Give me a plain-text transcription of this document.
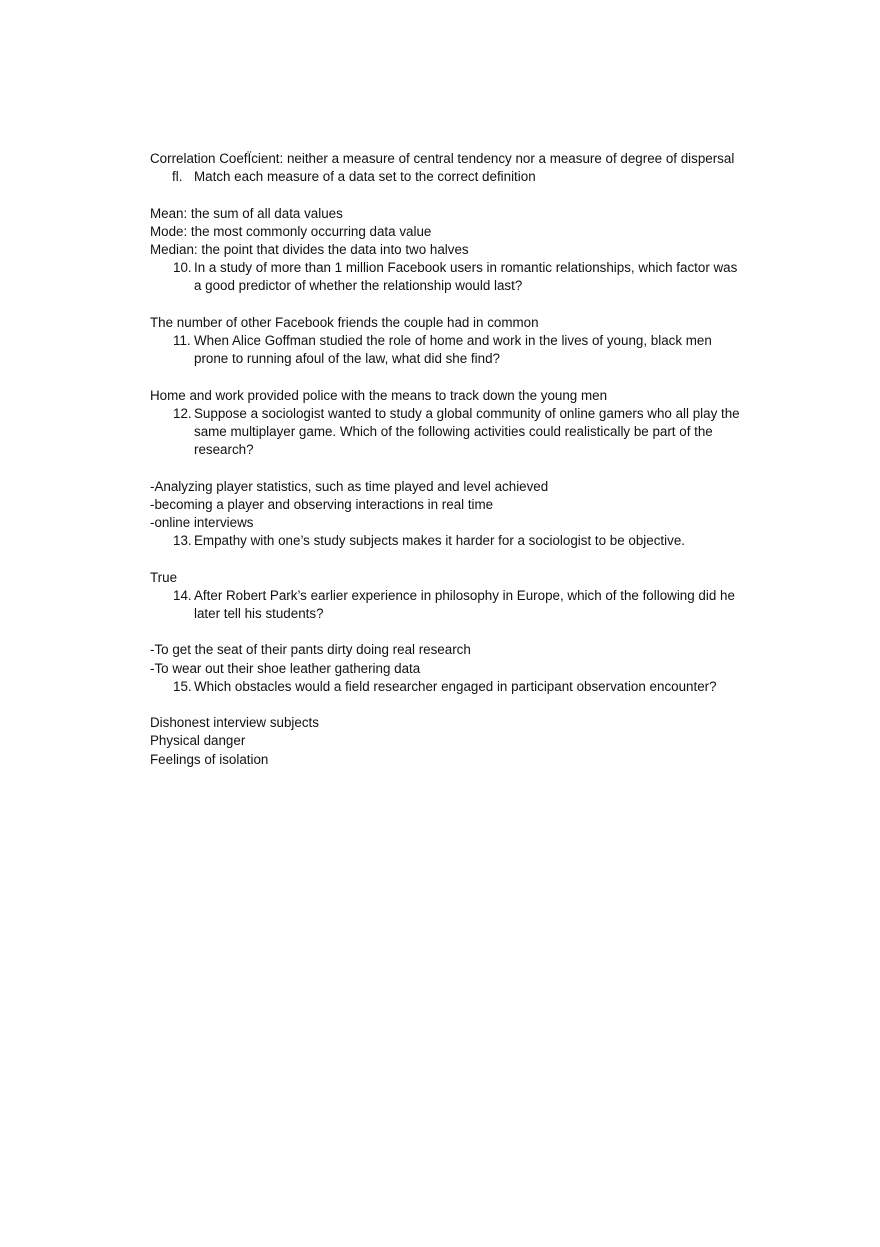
Correlation CoefЇcient: neither a measure of central tendency nor a measure of degree of dispersal

ﬂ. Match each measure of a data set to the correct definition

Mean: the sum of all data values

Mode: the most commonly occurring data value

Median: the point that divides the data into two halves

10. In a study of more than 1 million Facebook users in romantic relationships, which factor was a good predictor of whether the relationship would last?

The number of other Facebook friends the couple had in common

11. When Alice Goffman studied the role of home and work in the lives of young, black men prone to running afoul of the law, what did she find?

Home and work provided police with the means to track down the young men

12. Suppose a sociologist wanted to study a global community of online gamers who all play the same multiplayer game. Which of the following activities could realistically be part of the research?

-Analyzing player statistics, such as time played and level achieved

-becoming a player and observing interactions in real time

-online interviews

13. Empathy with one’s study subjects makes it harder for a sociologist to be objective.

True

14. After Robert Park’s earlier experience in philosophy in Europe, which of the following did he later tell his students?

-To get the seat of their pants dirty doing real research

-To wear out their shoe leather gathering data

15. Which obstacles would a field researcher engaged in participant observation encounter?

Dishonest interview subjects

Physical danger

Feelings of isolation
